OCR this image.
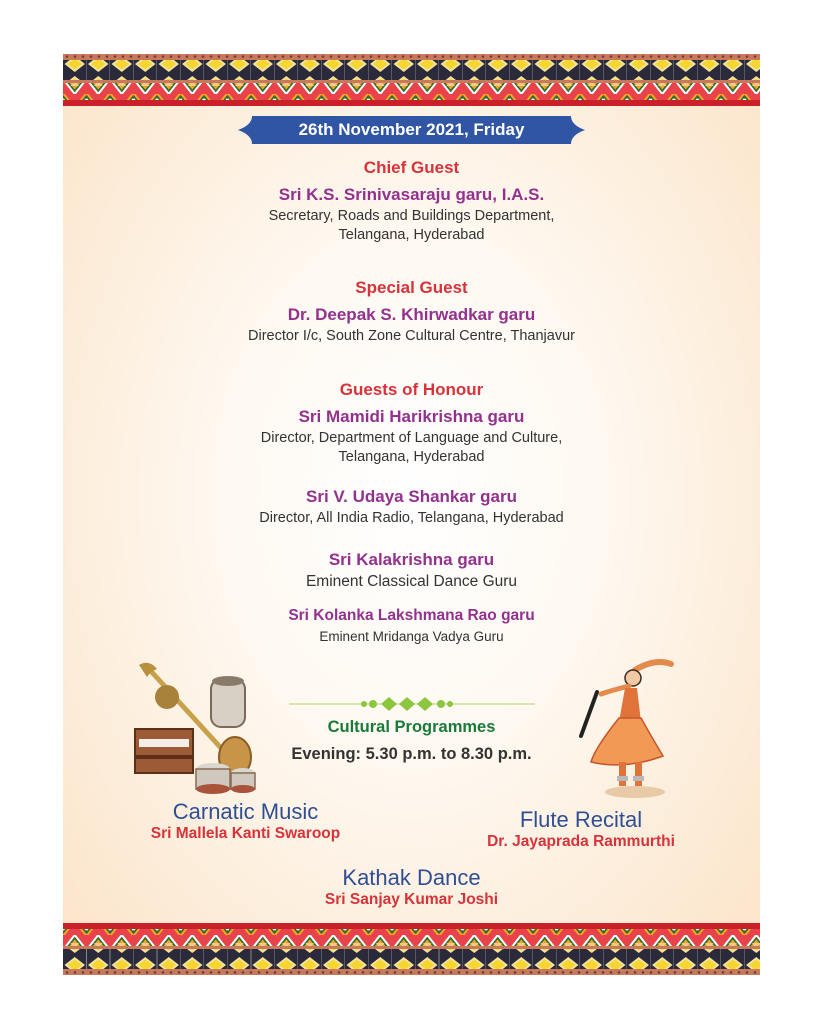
26th November 2021, Friday
Chief Guest
Sri K.S. Srinivasaraju garu, I.A.S.
Secretary, Roads and Buildings Department,
Telangana, Hyderabad
Special Guest
Dr. Deepak S. Khirwadkar garu
Director I/c, South Zone Cultural Centre, Thanjavur
Guests of Honour
Sri Mamidi Harikrishna garu
Director, Department of Language and Culture,
Telangana, Hyderabad
Sri V. Udaya Shankar garu
Director, All India Radio, Telangana, Hyderabad
Sri Kalakrishna garu
Eminent Classical Dance Guru
Sri Kolanka Lakshmana Rao garu
Eminent Mridanga Vadya Guru
Cultural Programmes
Evening: 5.30 p.m. to 8.30 p.m.
Carnatic Music
Sri Mallela Kanti Swaroop
Flute Recital
Dr. Jayaprada Rammurthi
Kathak Dance
Sri Sanjay Kumar Joshi
